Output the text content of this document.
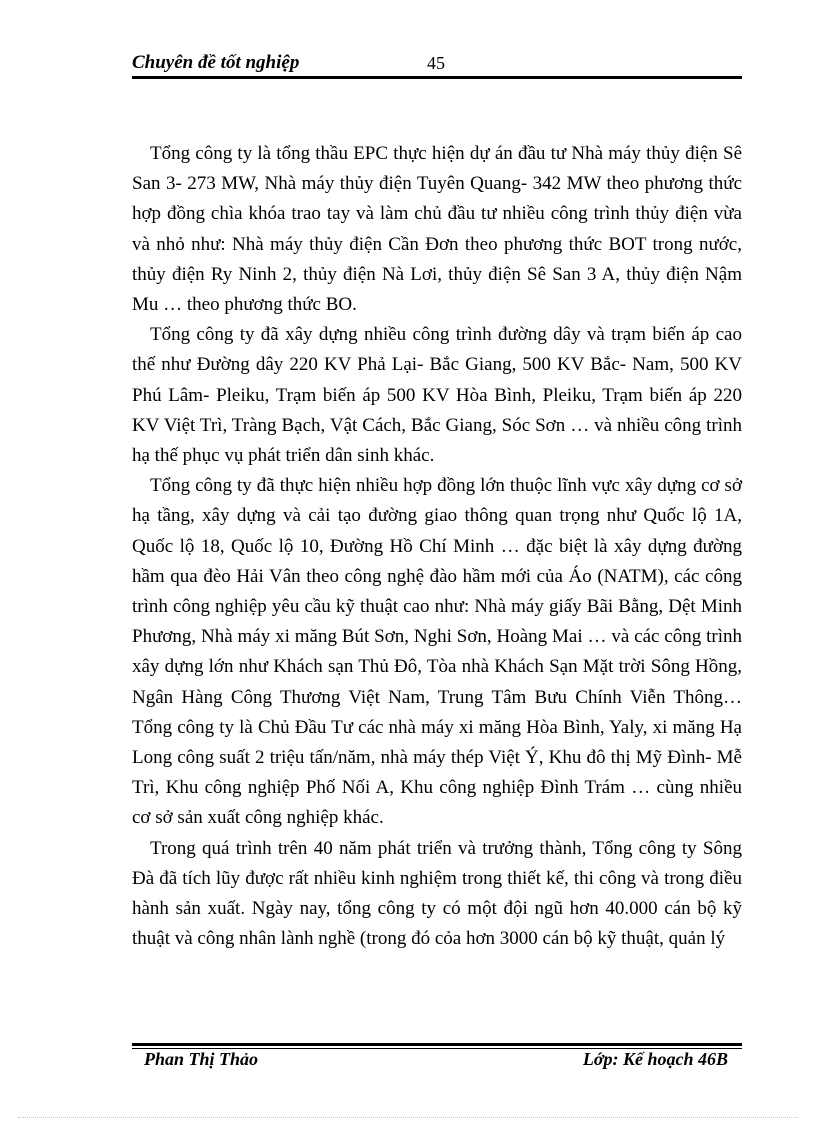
Chuyên đề tốt nghiệp	45

Tổng công ty là tổng thầu EPC thực hiện dự án đầu tư Nhà máy thủy điện Sê San 3- 273 MW, Nhà máy thủy điện Tuyên Quang- 342 MW theo phương thức hợp đồng chìa khóa trao tay và làm chủ đầu tư nhiều công trình thủy điện vừa và nhỏ như: Nhà máy thủy điện Cần Đơn theo phương thức BOT trong nước, thủy điện Ry Ninh 2, thủy điện Nà Lơi, thủy điện Sê San 3 A, thủy điện Nậm Mu … theo phương thức BO.

Tổng công ty đã xây dựng nhiều công trình đường dây và trạm biến áp cao thế như Đường dây 220 KV Phả Lại- Bắc Giang, 500 KV Bắc- Nam, 500 KV Phú Lâm- Pleiku, Trạm biến áp 500 KV Hòa Bình, Pleiku, Trạm biến áp 220 KV Việt Trì, Tràng Bạch, Vật Cách, Bắc Giang, Sóc Sơn … và nhiều công trình hạ thế phục vụ phát triển dân sinh khác.

Tổng công ty đã thực hiện nhiều hợp đồng lớn thuộc lĩnh vực xây dựng cơ sở hạ tầng, xây dựng và cải tạo đường giao thông quan trọng như Quốc lộ 1A, Quốc lộ 18, Quốc lộ 10, Đường Hồ Chí Minh … đặc biệt là xây dựng đường hầm qua đèo Hải Vân theo công nghệ đào hầm mới của Áo (NATM), các công trình công nghiệp yêu cầu kỹ thuật cao như: Nhà máy giấy Bãi Bằng, Dệt Minh Phương, Nhà máy xi măng Bút Sơn, Nghi Sơn, Hoàng Mai … và các công trình xây dựng lớn như Khách sạn Thủ Đô, Tòa nhà Khách Sạn Mặt trời Sông Hồng, Ngân Hàng Công Thương Việt Nam, Trung Tâm Bưu Chính Viễn Thông… Tổng công ty là Chủ Đầu Tư các nhà máy xi măng Hòa Bình, Yaly, xi măng Hạ Long công suất 2 triệu tấn/năm, nhà máy thép Việt Ý, Khu đô thị Mỹ Đình- Mễ Trì, Khu công nghiệp Phố Nối A, Khu công nghiệp Đình Trám … cùng nhiều cơ sở sản xuất công nghiệp khác.

Trong quá trình trên 40 năm phát triển và trưởng thành, Tổng công ty Sông Đà đã tích lũy được rất nhiều kinh nghiệm trong thiết kế, thi công và trong điều hành sản xuất. Ngày nay, tổng công ty có một đội ngũ hơn 40.000 cán bộ kỹ thuật và công nhân lành nghề (trong đó cỏa hơn 3000 cán bộ kỹ thuật, quản lý

Phan Thị Thảo	Lớp: Kế hoạch 46B
